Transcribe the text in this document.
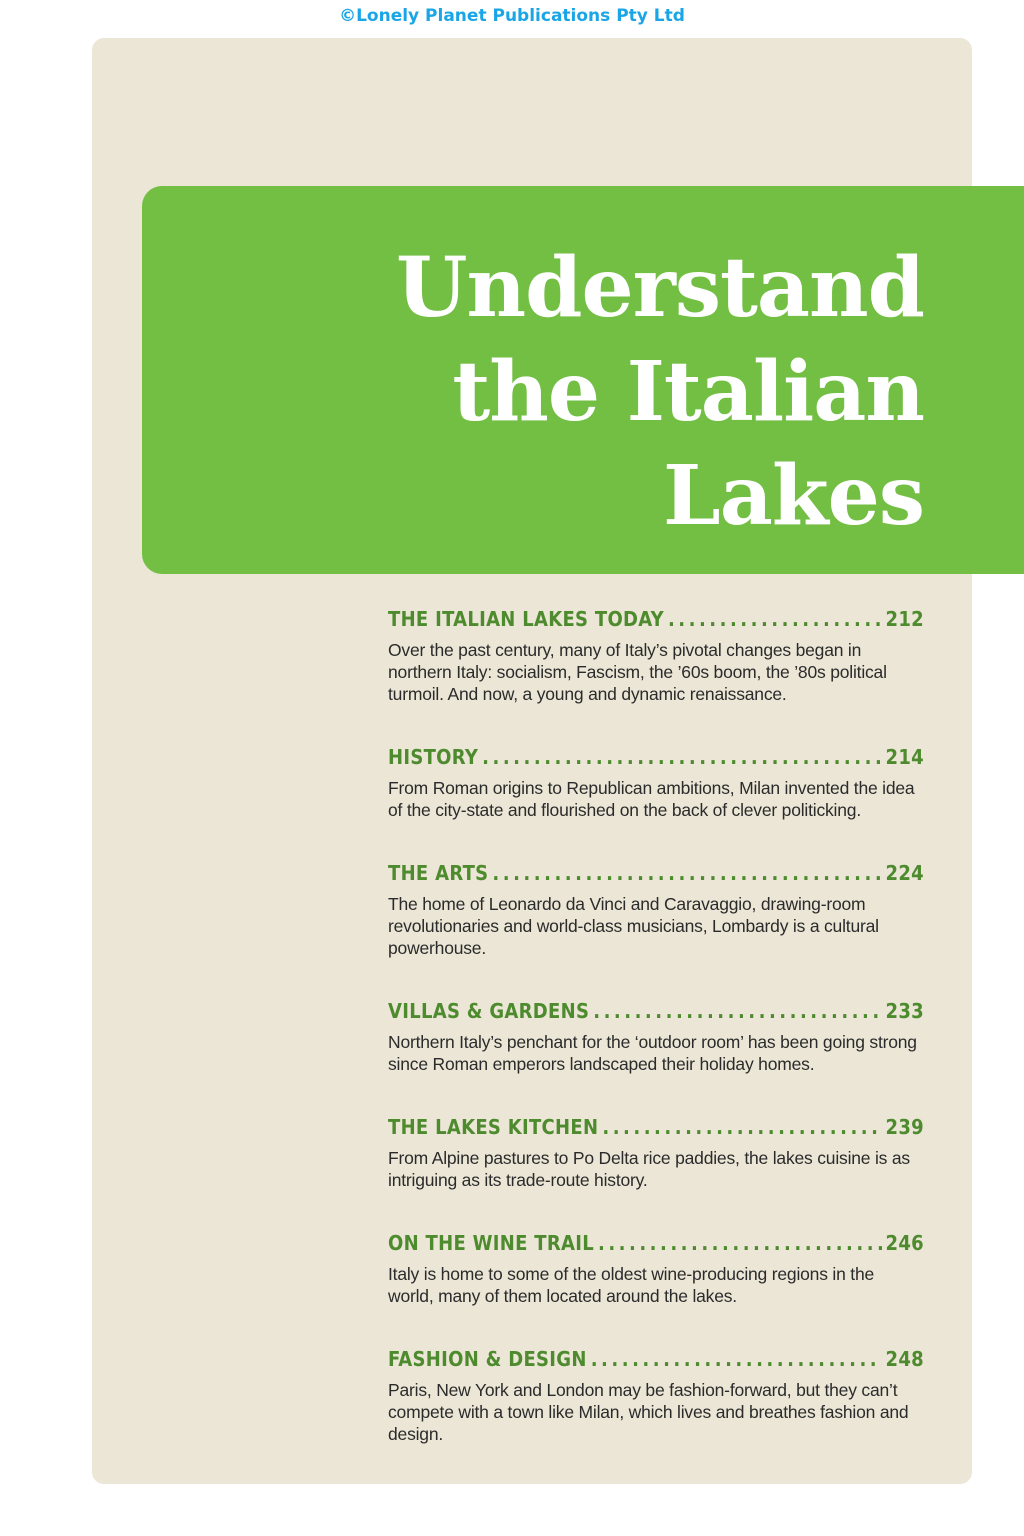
©Lonely Planet Publications Pty Ltd
Understand
the Italian
Lakes
THE ITALIAN LAKES TODAY .....	212
Over the past century, many of Italy’s pivotal changes began in northern Italy: socialism, Fascism, the ’60s boom, the ’80s political turmoil. And now, a young and dynamic renaissance.
HISTORY .....	214
From Roman origins to Republican ambitions, Milan invented the idea of the city-state and flourished on the back of clever politicking.
THE ARTS .....	224
The home of Leonardo da Vinci and Caravaggio, drawing-room revolutionaries and world-class musicians, Lombardy is a cultural powerhouse.
VILLAS & GARDENS .....	233
Northern Italy’s penchant for the ‘outdoor room’ has been going strong since Roman emperors landscaped their holiday homes.
THE LAKES KITCHEN .....	239
From Alpine pastures to Po Delta rice paddies, the lakes cuisine is as intriguing as its trade-route history.
ON THE WINE TRAIL .....	246
Italy is home to some of the oldest wine-producing regions in the world, many of them located around the lakes.
FASHION & DESIGN .....	248
Paris, New York and London may be fashion-forward, but they can’t compete with a town like Milan, which lives and breathes fashion and design.
